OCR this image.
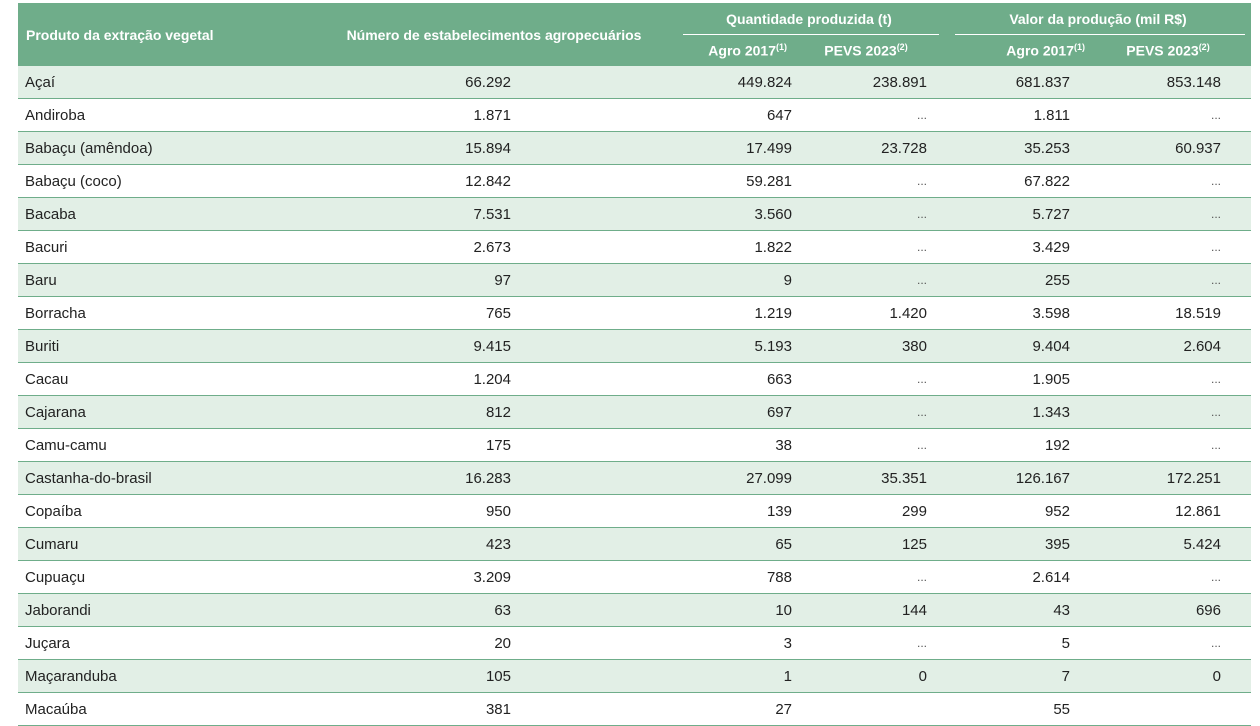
Produto da extração vegetal	Número de estabelecimentos agropecuários	Quantidade produzida (t)		Valor da produção (mil R$)	

		Agro 2017$^{(1)}$	PEVS 2023$^{(2)}$	Agro 2017$^{(1)}$	PEVS 2023$^{(2)}$
Açaí	66.292	449.824	238.891	681.837	853.148
Andiroba	1.871	647	...	1.811	...
Babaçu (amêndoa)	15.894	17.499	23.728	35.253	60.937
Babaçu (coco)	12.842	59.281	...	67.822	...
Bacaba	7.531	3.560	...	5.727	...
Bacuri	2.673	1.822	...	3.429	...
Baru	97	9	...	255	...
Borracha	765	1.219	1.420	3.598	18.519
Buriti	9.415	5.193	380	9.404	2.604
Cacau	1.204	663	...	1.905	...
Cajarana	812	697	...	1.343	...
Camu-camu	175	38	...	192	...
Castanha-do-brasil	16.283	27.099	35.351	126.167	172.251
Copaíba	950	139	299	952	12.861
Cumaru	423	65	125	395	5.424
Cupuaçu	3.209	788	...	2.614	...
Jaborandi	63	10	144	43	696
Juçara	20	3	...	5	...
Maçaranduba	105	1	0	7	0
Macaúba	381	27		55	
